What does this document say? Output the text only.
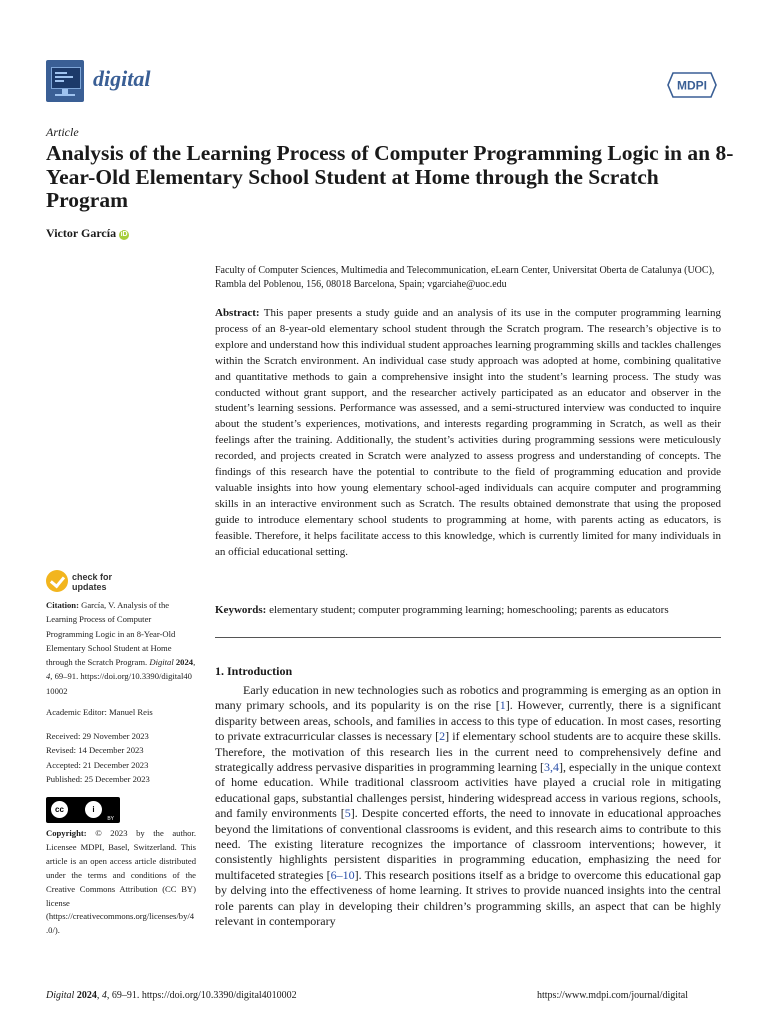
digital	MDPI
Article
Analysis of the Learning Process of Computer Programming Logic in an 8-Year-Old Elementary School Student at Home through the Scratch Program
Victor García iD
Faculty of Computer Sciences, Multimedia and Telecommunication, eLearn Center, Universitat Oberta de Catalunya (UOC), Rambla del Poblenou, 156, 08018 Barcelona, Spain; vgarciahe@uoc.edu
Abstract: This paper presents a study guide and an analysis of its use in the computer programming learning process of an 8-year-old elementary school student through the Scratch program. The research’s objective is to explore and understand how this individual student approaches learning programming skills and tackles challenges within the Scratch environment. An individual case study approach was adopted at home, combining qualitative and quantitative methods to gain a comprehensive insight into the student’s learning process. The study was conducted without grant support, and the researcher actively participated as an educator and observer in the student’s learning sessions. Performance was assessed, and a semi-structured interview was conducted to inquire about the student’s experiences, motivations, and interests regarding programming in Scratch, as well as their feelings after the training. Additionally, the student’s activities during programming sessions were meticulously recorded, and projects created in Scratch were analyzed to assess progress and understanding of concepts. The findings of this research have the potential to contribute to the field of programming education and provide valuable insights into how young elementary school-aged individuals can acquire computer and programming skills in an interactive environment such as Scratch. The results obtained demonstrate that using the proposed guide to introduce elementary school students to programming at home, with parents acting as educators, is feasible. Therefore, it helps facilitate access to this knowledge, which is currently limited for many individuals in an official educational setting.
Keywords: elementary student; computer programming learning; homeschooling; parents as educators
check for
updates
Citation: García, V. Analysis of the Learning Process of Computer Programming Logic in an 8-Year-Old Elementary School Student at Home through the Scratch Program. Digital 2024, 4, 69–91. https://doi.org/10.3390/digital4010002
Academic Editor: Manuel Reis
Received: 29 November 2023
Revised: 14 December 2023
Accepted: 21 December 2023
Published: 25 December 2023
cc	i
BY
Copyright: © 2023 by the author. Licensee MDPI, Basel, Switzerland. This article is an open access article distributed under the terms and conditions of the Creative Commons Attribution (CC BY) license (https://creativecommons.org/licenses/by/4.0/).
1. Introduction
Early education in new technologies such as robotics and programming is emerging as an option in many primary schools, and its popularity is on the rise [1]. However, currently, there is a significant disparity between areas, schools, and families in access to this type of education. In most cases, resorting to private extracurricular classes is necessary [2] if elementary school students are to acquire these skills. Therefore, the motivation of this research lies in the current need to comprehensively define and strategically address pervasive disparities in programming learning [3,4], especially in the unique context of home education. While traditional classroom activities have played a crucial role in mitigating educational gaps, substantial challenges persist, hindering widespread access in various regions, schools, and family environments [5]. Despite concerted efforts, the need to innovate in educational approaches beyond the limitations of conventional classrooms is evident, and this research aims to contribute to this need. The existing literature recognizes the importance of classroom interventions; however, it consistently highlights persistent disparities in programming education, emphasizing the need for multifaceted strategies [6–10]. This research positions itself as a bridge to overcome this educational gap by delving into the effectiveness of home learning. It strives to provide nuanced insights into the central role parents can play in developing their children’s programming skills, an aspect that can be highly relevant in contemporary
Digital 2024, 4, 69–91. https://doi.org/10.3390/digital4010002	https://www.mdpi.com/journal/digital
